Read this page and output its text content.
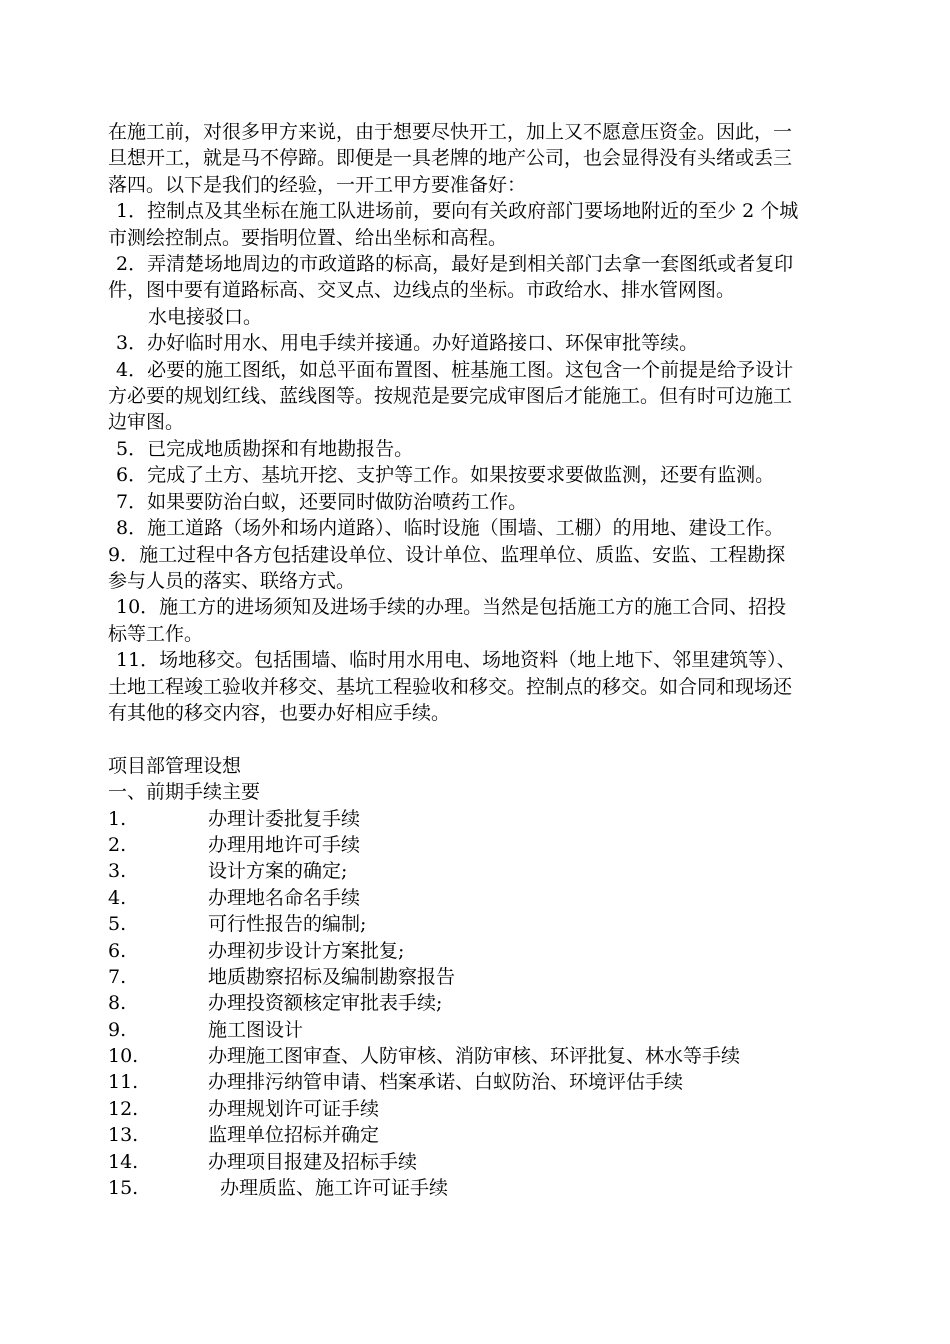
在施工前，对很多甲方来说，由于想要尽快开工，加上又不愿意压资金。因此，一

旦想开工，就是马不停蹄。即便是一具老牌的地产公司，也会显得没有头绪或丢三

落四。以下是我们的经验，一开工甲方要准备好：

1．控制点及其坐标在施工队进场前，要向有关政府部门要场地附近的至少 2 个城

市测绘控制点。要指明位置、给出坐标和高程。

2．弄清楚场地周边的市政道路的标高，最好是到相关部门去拿一套图纸或者复印

件，图中要有道路标高、交叉点、边线点的坐标。市政给水、排水管网图。

水电接驳口。

3．办好临时用水、用电手续并接通。办好道路接口、环保审批等续。

4．必要的施工图纸，如总平面布置图、桩基施工图。这包含一个前提是给予设计

方必要的规划红线、蓝线图等。按规范是要完成审图后才能施工。但有时可边施工

边审图。

5．已完成地质勘探和有地勘报告。

6．完成了土方、基坑开挖、支护等工作。如果按要求要做监测，还要有监测。

7．如果要防治白蚁，还要同时做防治喷药工作。

8．施工道路（场外和场内道路）、临时设施（围墙、工棚）的用地、建设工作。

9．施工过程中各方包括建设单位、设计单位、监理单位、质监、安监、工程勘探

参与人员的落实、联络方式。

10．施工方的进场须知及进场手续的办理。当然是包括施工方的施工合同、招投

标等工作。

11．场地移交。包括围墙、临时用水用电、场地资料（地上地下、邻里建筑等）、

土地工程竣工验收并移交、基坑工程验收和移交。控制点的移交。如合同和现场还

有其他的移交内容，也要办好相应手续。

项目部管理设想

一、前期手续主要

1.	办理计委批复手续
2.	办理用地许可手续
3.	设计方案的确定;
4.	办理地名命名手续
5.	可行性报告的编制;
6.	办理初步设计方案批复;
7.	地质勘察招标及编制勘察报告
8.	办理投资额核定审批表手续;
9.	施工图设计
10.	办理施工图审查、人防审核、消防审核、环评批复、林水等手续
11.	办理排污纳管申请、档案承诺、白蚁防治、环境评估手续
12.	办理规划许可证手续
13.	监理单位招标并确定
14.	办理项目报建及招标手续
15.	办理质监、施工许可证手续
